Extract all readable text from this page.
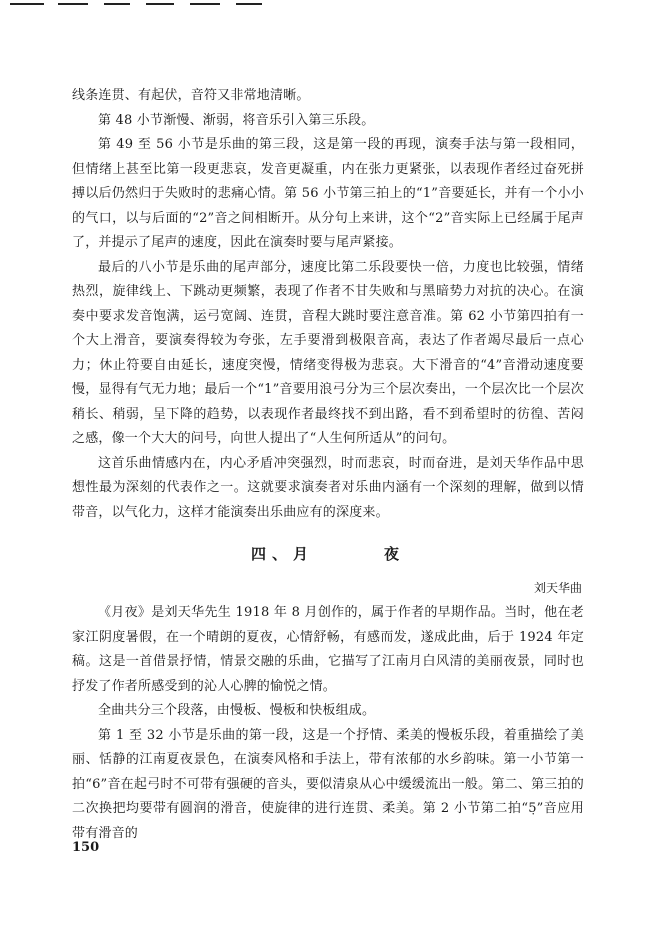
线条连贯、有起伏，音符又非常地清晰。

第 48 小节渐慢、渐弱，将音乐引入第三乐段。

第 49 至 56 小节是乐曲的第三段，这是第一段的再现，演奏手法与第一段相同，但情绪上甚至比第一段更悲哀，发音更凝重，内在张力更紧张，以表现作者经过奋死拼搏以后仍然归于失败时的悲痛心情。第 56 小节第三拍上的“1”音要延长，并有一个小小的气口，以与后面的“2”音之间相断开。从分句上来讲，这个“2”音实际上已经属于尾声了，并提示了尾声的速度，因此在演奏时要与尾声紧接。

最后的八小节是乐曲的尾声部分，速度比第二乐段要快一倍，力度也比较强，情绪热烈，旋律线上、下跳动更频繁，表现了作者不甘失败和与黑暗势力对抗的决心。在演奏中要求发音饱满，运弓宽阔、连贯，音程大跳时要注意音准。第 62 小节第四拍有一个大上滑音，要演奏得较为夸张，左手要滑到极限音高，表达了作者竭尽最后一点心力；休止符要自由延长，速度突慢，情绪变得极为悲哀。大下滑音的“4”音滑动速度要慢，显得有气无力地；最后一个“1”音要用浪弓分为三个层次奏出，一个层次比一个层次稍长、稍弱，呈下降的趋势，以表现作者最终找不到出路，看不到希望时的彷徨、苦闷之感，像一个大大的问号，向世人提出了“人生何所适从”的问句。

这首乐曲情感内在，内心矛盾冲突强烈，时而悲哀，时而奋进，是刘天华作品中思想性最为深刻的代表作之一。这就要求演奏者对乐曲内涵有一个深刻的理解，做到以情带音，以气化力，这样才能演奏出乐曲应有的深度来。

四、月	夜
刘天华曲

《月夜》是刘天华先生 1918 年 8 月创作的，属于作者的早期作品。当时，他在老家江阴度暑假，在一个晴朗的夏夜，心情舒畅，有感而发，遂成此曲，后于 1924 年定稿。这是一首借景抒情，情景交融的乐曲，它描写了江南月白风清的美丽夜景，同时也抒发了作者所感受到的沁人心脾的愉悦之情。

全曲共分三个段落，由慢板、慢板和快板组成。

第 1 至 32 小节是乐曲的第一段，这是一个抒情、柔美的慢板乐段，着重描绘了美丽、恬静的江南夏夜景色，在演奏风格和手法上，带有浓郁的水乡韵味。第一小节第一拍“6”音在起弓时不可带有强硬的音头，要似清泉从心中缓缓流出一般。第二、第三拍的二次换把均要带有圆润的滑音，使旋律的进行连贯、柔美。第 2 小节第二拍“5̣”音应用带有滑音的

150
